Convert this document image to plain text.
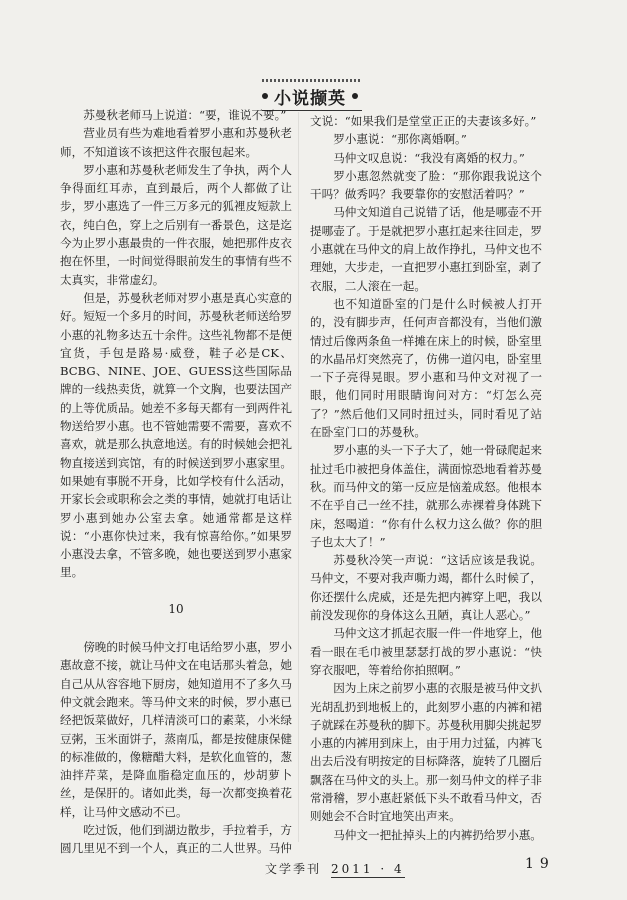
小说撷英

苏曼秋老师马上说道：“要，谁说不要。”

营业员有些为难地看着罗小惠和苏曼秋老师，不知道该不该把这件衣服包起来。

罗小惠和苏曼秋老师发生了争执，两个人争得面红耳赤，直到最后，两个人都做了让步，罗小惠选了一件三万多元的狐裡皮短款上衣，纯白色，穿上之后别有一番景色，这是迄今为止罗小惠最贵的一件衣服，她把那件皮衣抱在怀里，一时间觉得眼前发生的事情有些不太真实，非常虚幻。

但是，苏曼秋老师对罗小惠是真心实意的好。短短一个多月的时间，苏曼秋老师送给罗小惠的礼物多达五十余件。这些礼物都不是便宜货，手包是路易·威登，鞋子必是CK、BCBG、NINE、JOE、GUESS这些国际品牌的一线热卖货，就算一个文胸，也要法国产的上等优质品。她差不多每天都有一到两件礼物送给罗小惠。也不管她需要不需要，喜欢不喜欢，就是那么执意地送。有的时候她会把礼物直接送到宾馆，有的时候送到罗小惠家里。如果她有事脱不开身，比如学校有什么活动，开家长会或职称会之类的事情，她就打电话让罗小惠到她办公室去拿。她通常都是这样说：“小惠你快过来，我有惊喜给你。”如果罗小惠没去拿，不管多晚，她也要送到罗小惠家里。

10

傍晚的时候马仲文打电话给罗小惠，罗小惠故意不接，就让马仲文在电话那头着急，她自己从从容容地下厨房，她知道用不了多久马仲文就会跑来。等马仲文来的时候，罗小惠已经把饭菜做好，几样清淡可口的素菜，小米绿豆粥，玉米面饼子，蒸南瓜，都是按健康保健的标准做的，像糖醋大料，是软化血管的，葱油拌芹菜，是降血脂稳定血压的，炒胡萝卜丝，是保肝的。诸如此类，每一次都变换着花样，让马仲文感动不已。

吃过饭，他们到湖边散步，手拉着手，方圆几里见不到一个人，真正的二人世界。马仲

文说：“如果我们是堂堂正正的夫妻该多好。”

罗小惠说：“那你离婚啊。”

马仲文叹息说：“我没有离婚的权力。”

罗小惠忽然就变了脸：“那你跟我说这个干吗？做秀吗？我要靠你的安慰活着吗？”

马仲文知道自己说错了话，他是哪壶不开提哪壶了。于是就把罗小惠扛起来往回走，罗小惠就在马仲文的肩上故作挣扎，马仲文也不理她，大步走，一直把罗小惠扛到卧室，剥了衣服，二人滚在一起。

也不知道卧室的门是什么时候被人打开的，没有脚步声，任何声音都没有，当他们激情过后像两条鱼一样摊在床上的时候，卧室里的水晶吊灯突然亮了，仿佛一道闪电，卧室里一下子亮得晃眼。罗小惠和马仲文对视了一眼，他们同时用眼睛询问对方：“灯怎么亮了？”然后他们又同时扭过头，同时看见了站在卧室门口的苏曼秋。

罗小惠的头一下子大了，她一骨碌爬起来扯过毛巾被把身体盖住，满面惊恐地看着苏曼秋。而马仲文的第一反应是恼羞成怒。他根本不在乎自己一丝不挂，就那么赤裸着身体跳下床，怒喝道：“你有什么权力这么做？你的胆子也太大了！”

苏曼秋冷笑一声说：“这话应该是我说。马仲文，不要对我声嘶力竭，都什么时候了，你还摆什么虎威，还是先把内裤穿上吧，我以前没发现你的身体这么丑陋，真让人恶心。”

马仲文这才抓起衣服一件一件地穿上，他看一眼在毛巾被里瑟瑟打战的罗小惠说：“快穿衣服吧，等着给你拍照啊。”

因为上床之前罗小惠的衣服是被马仲文扒光胡乱扔到地板上的，此刻罗小惠的内裤和裙子就踩在苏曼秋的脚下。苏曼秋用脚尖挑起罗小惠的内裤用到床上，由于用力过猛，内裤飞出去后没有明按定的目标降落，旋转了几圈后飘落在马仲文的头上。那一刻马仲文的样子非常滑稽，罗小惠赶紧低下头不敢看马仲文，否则她会不合时宜地笑出声来。

马仲文一把扯掉头上的内裤扔给罗小惠。

文学季刊 2011 · 4	19
